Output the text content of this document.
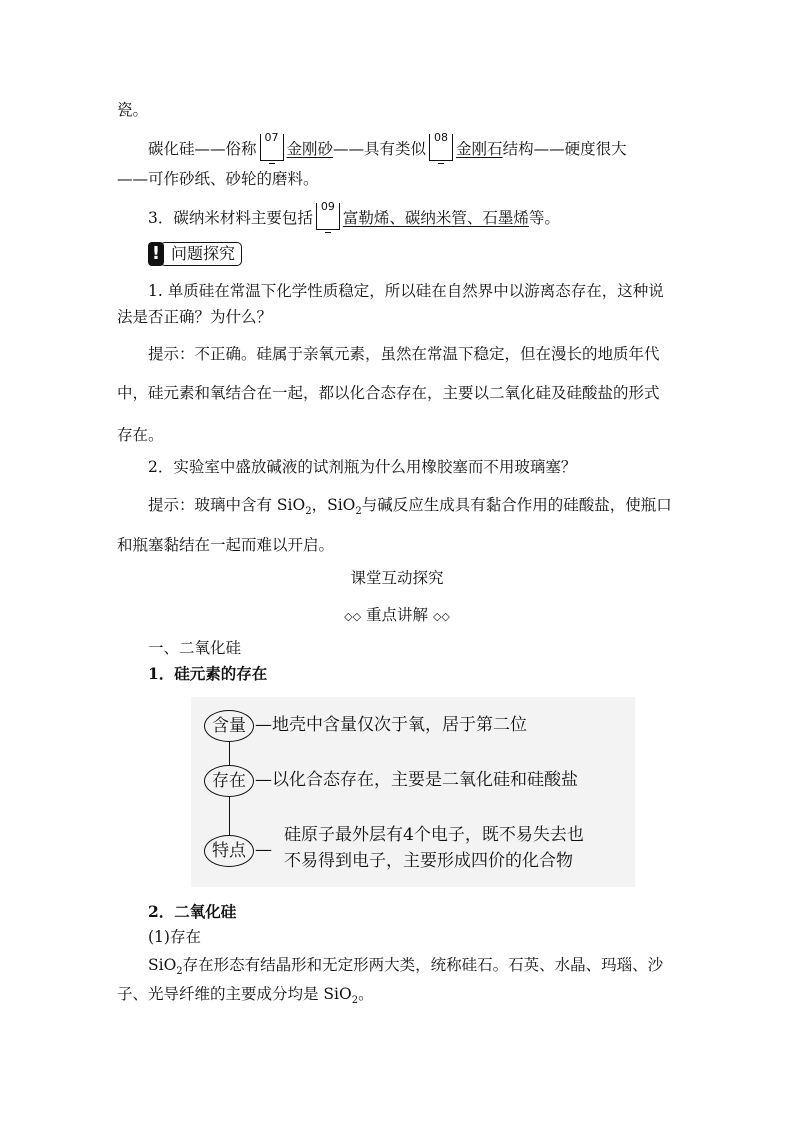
瓷。
碳化硅——俗称
07
金刚砂——具有类似
08
金刚石结构——硬度很大
——可作砂纸、砂轮的磨料。
3．碳纳米材料主要包括
09
富勒烯、碳纳米管、石墨烯等。
问题探究
!
1. 单质硅在常温下化学性质稳定，所以硅在自然界中以游离态存在，这种说
法是否正确？为什么？
提示：不正确。硅属于亲氧元素，虽然在常温下稳定，但在漫长的地质年代
中，硅元素和氧结合在一起，都以化合态存在，主要以二氧化硅及硅酸盐的形式
存在。
2．实验室中盛放碱液的试剂瓶为什么用橡胶塞而不用玻璃塞？
提示：玻璃中含有 SiO$_2$，SiO$_2$与碱反应生成具有黏合作用的硅酸盐，使瓶口
和瓶塞黏结在一起而难以开启。
课堂互动探究
◇◇ 重点讲解 ◇◇
一、二氧化硅
1．硅元素的存在
含量 —地壳中含量仅次于氧，居于第二位
存在 —以化合态存在，主要是二氧化硅和硅酸盐
特点 —
硅原子最外层有4个电子，既不易失去也
不易得到电子，主要形成四价的化合物
2．二氧化硅
(1)存在
SiO$_2$存在形态有结晶形和无定形两大类，统称硅石。石英、水晶、玛瑙、沙
子、光导纤维的主要成分均是 SiO$_2$。
